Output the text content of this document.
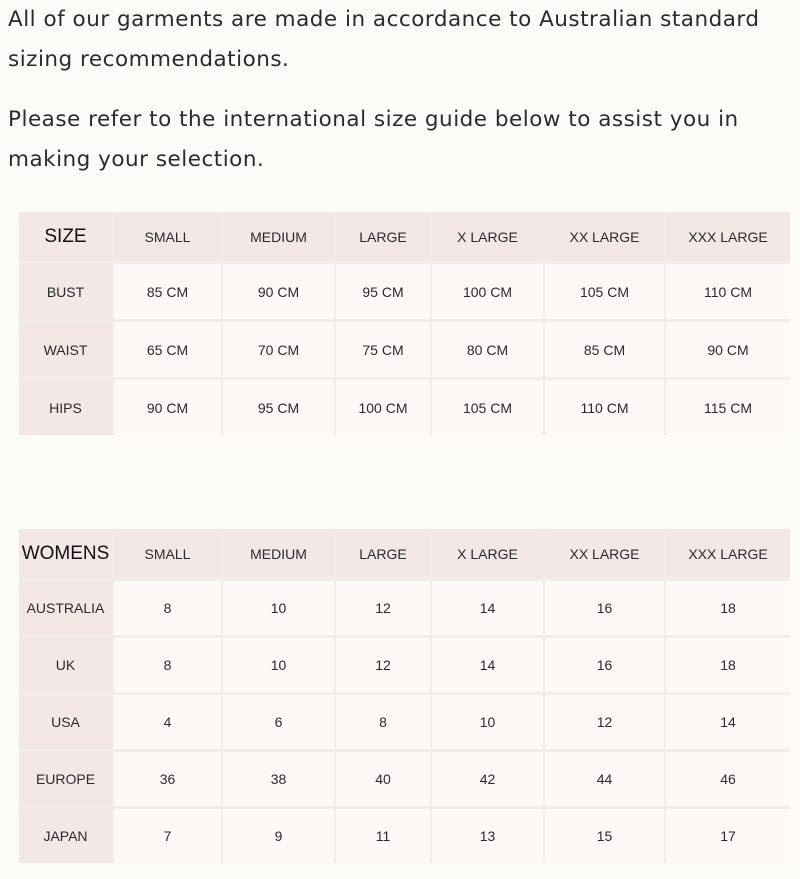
All of our garments are made in accordance to Australian standard sizing recommendations.

Please refer to the international size guide below to assist you in making your selection.

SIZE	SMALL	MEDIUM	LARGE	X LARGE	XX LARGE	XXX LARGE
BUST	85 CM	90 CM	95 CM	100 CM	105 CM	110 CM
WAIST	65 CM	70 CM	75 CM	80 CM	85 CM	90 CM
HIPS	90 CM	95 CM	100 CM	105 CM	110 CM	115 CM
WOMENS	SMALL	MEDIUM	LARGE	X LARGE	XX LARGE	XXX LARGE
AUSTRALIA	8	10	12	14	16	18
UK	8	10	12	14	16	18
USA	4	6	8	10	12	14
EUROPE	36	38	40	42	44	46
JAPAN	7	9	11	13	15	17
